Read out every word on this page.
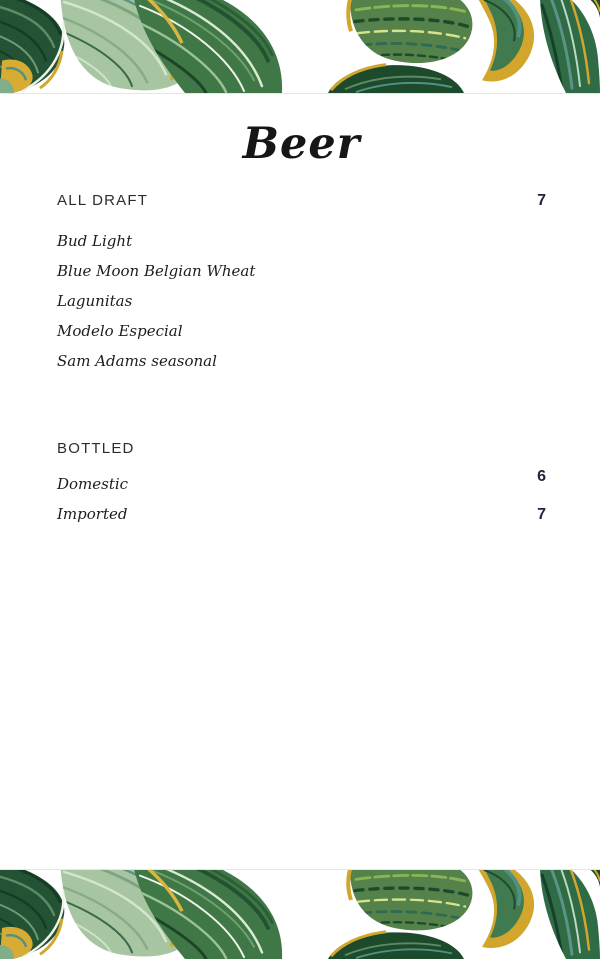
Beer
ALL DRAFT	7
Bud Light
Blue Moon Belgian Wheat
Lagunitas
Modelo Especial
Sam Adams seasonal
BOTTLED
Domestic	6
Imported	7
